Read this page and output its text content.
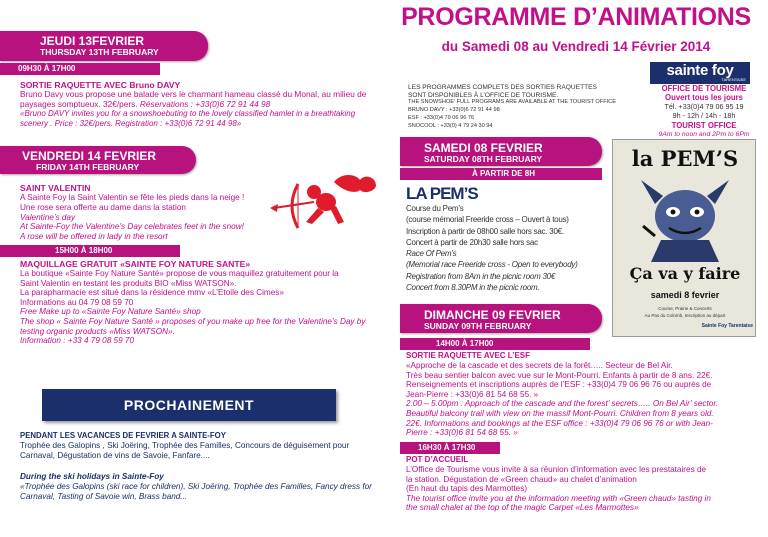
PROGRAMME D’ANIMATIONS
du Samedi 08 au Vendredi 14 Février 2014
JEUDI 13FEVRIER
THURSDAY 13TH FEBRUARY
09H30 À 17H00
SORTIE RAQUETTE AVEC Bruno DAVY
Bruno Davy vous propose une balade vers le charmant hameau classé du Monal, au milieu de paysages somptueux. 32€/pers. Réservations : +33(0)6 72 91 44 98
«Bruno DAVY invites you for a snowshoebuting to the lovely classified hamlet in a breathtaking scenery . Price : 32€/pers. Registration : +33(0)6 72 91 44 98»
LES PROGRAMMES COMPLETS DES SORTIES RAQUETTES
SONT DISPONIBLES À L’OFFICE DE TOURISME.
THE SNOWSHOE’ FULL PROGRAMS ARE AVAILABLE AT THE TOURIST OFFICE
BRUNO DAVY : +33(0)6 72 91 44 98
ESF : +33(0)4 79 06 96 76
SNOCOOL : +33(0) 4 79 24 30 94
sainte foy
TARENTAISE
OFFICE DE TOURISME
Ouvert tous les jours
Tél. +33(0)4 79 06 95 19
9h - 12h / 14h - 18h
TOURIST OFFICE
9Am to noon and 2Pm to 6Pm
VENDREDI 14 FEVRIER
FRIDAY 14TH FEBRUARY
SAINT VALENTIN
A Sainte Foy la Saint Valentin se fête les pieds dans la neige !
Une rose sera offerte au dame dans la station
Valentine’s day
At Sainte-Foy the Valentine’s Day celebrates feet in the snow!
A rose will be offered in lady in the resort
15H00 À 18H00
MAQUILLAGE GRATUIT «SAINTE FOY NATURE SANTE»
La boutique «Sainte Foy Nature Santé» propose de vous maquillez gratuitement pour la
Saint Valentin en testant les produits BIO «Miss WATSON».
La parapharmacie est situé dans la résidence mmv «L’Etoile des Cimes»
Informations au 04 79 08 59 70
Free Make up to «Sainte Foy Nature Santé» shop
The shop « Sainte Foy Nature Santé » proposes of you make up free for the Valentine’s Day by
testing organic products «Miss WATSON».
Information : +33 4 79 08 59 70
PROCHAINEMENT
PENDANT LES VACANCES DE FEVRIER A SAINTE-FOY
Trophée des Galopins , Ski Joëring, Trophée des Familles, Concours de déguisement pour
Carnaval, Dégustation de vins de Savoie, Fanfare....
During the ski holidays in Sainte-Foy
«Trophée des Galopins (ski race for children), Ski Joëring, Trophée des Familles, Fancy dress for
Carnaval, Tasting of Savoie win, Brass band...
SAMEDI 08 FEVRIER
SATURDAY 08TH FEBRUARY
À PARTIR DE 8H
LA PEM’S
Course du Pem’s
(course mémorial Freeride cross – Ouvert à tous)
Inscription à partir de 08h00 salle hors sac. 30€.
Concert à partir de 20h30 salle hors sac
Race Of Pem’s
(Memorial race Freeride cross - Open to everybody)
Registration from 8Am in the picnic room 30€
Concert from 8.30PM in the picnic room.
la PEM’S
Ça va y faire
samedi 8 fevrier
Course, Prairie & Concerts
Au Pas du Colomb, Inscription au départ
Sainte Foy Tarentaise
DIMANCHE 09 FEVRIER
SUNDAY 09TH FEBRUARY
14H00 À 17H00
SORTIE RAQUETTE AVEC L’ESF
«Approche de la cascade et des secrets de la forêt….. Secteur de Bel Air.
Très beau sentier balcon avec vue sur le Mont-Pourri. Enfants à partir de 8 ans. 22€.
Renseignements et inscriptions auprès de l’ESF : +33(0)4 79 06 96 76 ou auprès de
Jean-Pierre : +33(0)6 81 54 68 55. »
2.00 – 5.00pm : Approach of the cascade and the forest’ secrets….. On Bel Air’ sector.
Beautiful balcony trail with view on the massif Mont-Pourri. Children from 8 years old.
22€. Informations and bookings at the ESF office : +33(0)4 79 06 96 76 or with Jean-
Pierre : +33(0)6 81 54 68 55. »
16H30 À 17H30
POT D’ACCUEIL
L’Office de Tourisme vous invite à sa réunion d’information avec les prestataires de
la station. Dégustation de «Green chaud» au chalet d’animation
(En haut du tapis des Marmottes)
The tourist office invite you at the information meeting with «Green chaud» tasting in
the small chalet at the top of the magic Carpet «Les Marmottes»
